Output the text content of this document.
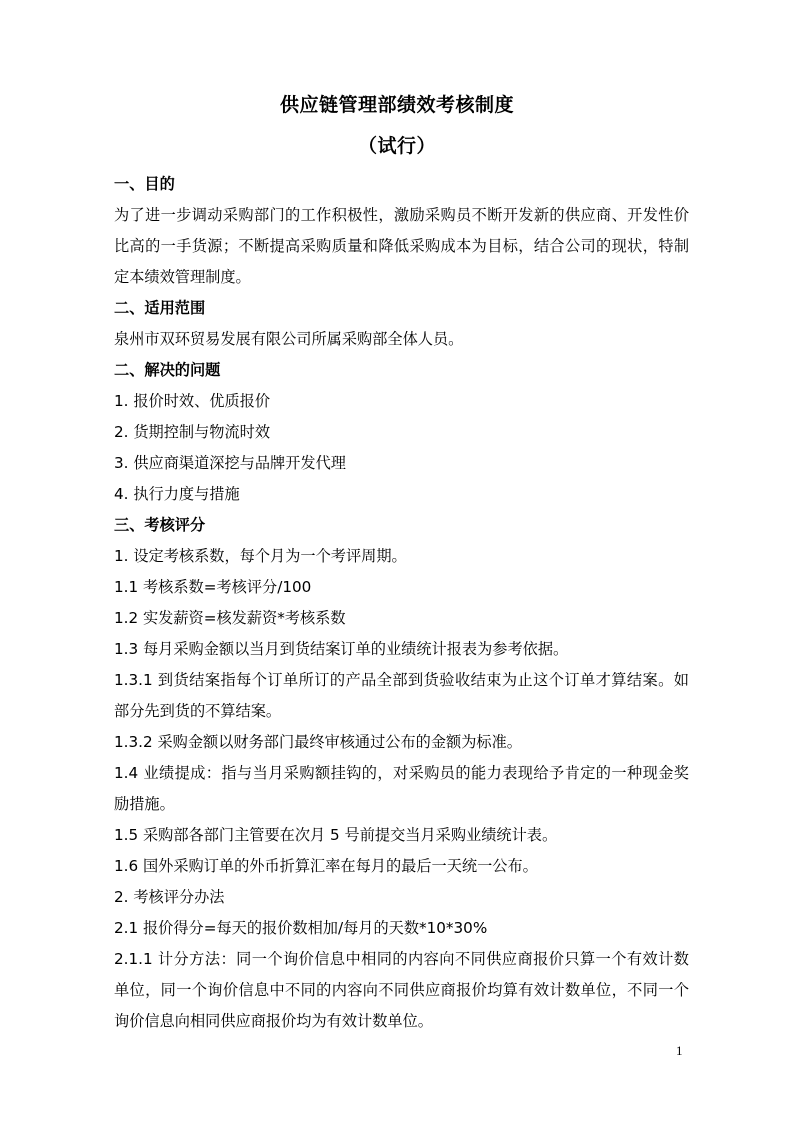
供应链管理部绩效考核制度
（试行）
一、目的
为了进一步调动采购部门的工作积极性，激励采购员不断开发新的供应商、开发性价比高的一手货源；不断提高采购质量和降低采购成本为目标，结合公司的现状，特制定本绩效管理制度。
二、适用范围
泉州市双环贸易发展有限公司所属采购部全体人员。
二、解决的问题
1. 报价时效、优质报价
2. 货期控制与物流时效
3. 供应商渠道深挖与品牌开发代理
4. 执行力度与措施
三、考核评分
1. 设定考核系数，每个月为一个考评周期。
1.1 考核系数=考核评分/100
1.2 实发薪资=核发薪资*考核系数
1.3 每月采购金额以当月到货结案订单的业绩统计报表为参考依据。
1.3.1 到货结案指每个订单所订的产品全部到货验收结束为止这个订单才算结案。如部分先到货的不算结案。
1.3.2 采购金额以财务部门最终审核通过公布的金额为标准。
1.4 业绩提成：指与当月采购额挂钩的，对采购员的能力表现给予肯定的一种现金奖励措施。
1.5 采购部各部门主管要在次月 5 号前提交当月采购业绩统计表。
1.6 国外采购订单的外币折算汇率在每月的最后一天统一公布。
2. 考核评分办法
2.1 报价得分=每天的报价数相加/每月的天数*10*30%
2.1.1 计分方法：同一个询价信息中相同的内容向不同供应商报价只算一个有效计数单位，同一个询价信息中不同的内容向不同供应商报价均算有效计数单位，不同一个询价信息向相同供应商报价均为有效计数单位。
1
